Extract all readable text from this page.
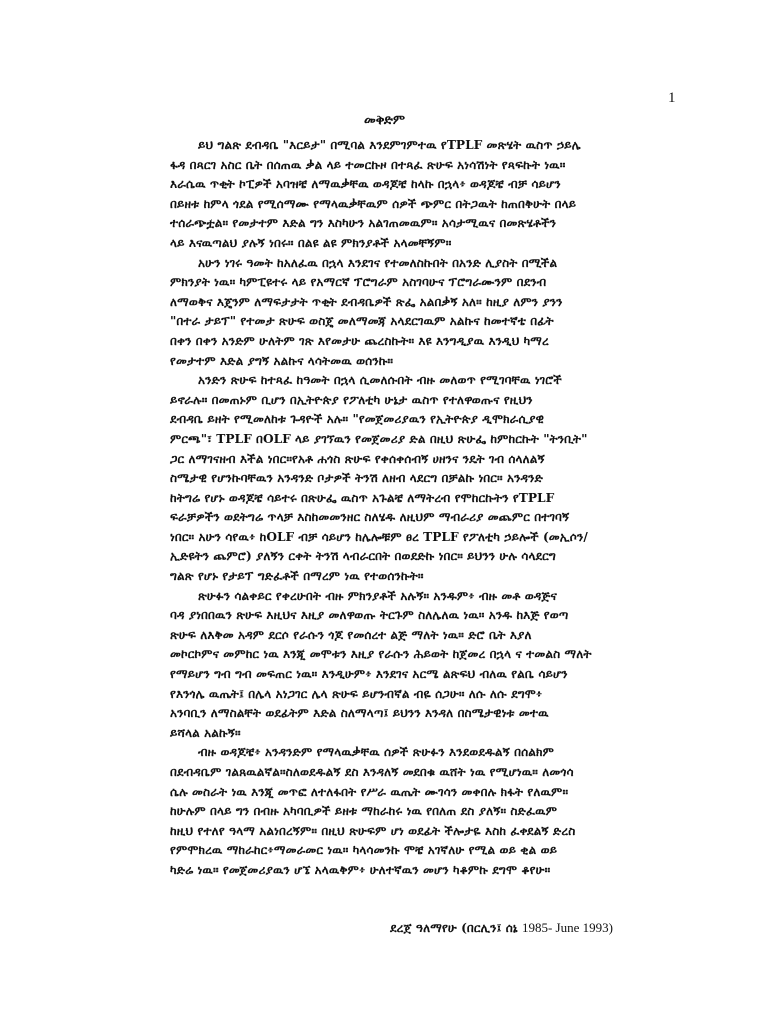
1
መቅድም
ይህ ግልጽ ደብዳቤ "እርይታ" በሚባል እንደምገምተዉ የTPLF መጽሄት ዉስጥ ኃይሌ
ፋዳ በጻርገ አስር ቤት በሰጠዉ ቃል ላይ ተመርኩዞ በተጻፈ ጽሁፍ አነሳሽነት የጻፍኩት ነዉ።
እራሴዉ ጥቂት ኮፒዎች አባዝቼ ለማዉቃቸዉ ወዳጆቼ ከላኩ በኋላ፥ ወዳጆቼ ብቻ ሳይሆን
በይዘቱ ከምላ ጎደል የሚሰማሙ የማላዉቃቸዉም ሰዎች ጭምር በትጋዉት ከጠበቅሁት በላይ
ተሰራጭቷል። የመታተም እድል ግን እስካሁን አልገጠመዉም። አሳታሚዉና በመጽሄቶችን
ላይ እናዉጣልህ ያሉኝ ነበሩ። በልዩ ልዩ ምክንያቶች አላመቸኝም።
አሁን ነገሩ ዓመት ከአለፈዉ በኋላ እንደገና የተመለስኩበት በአንድ ሊያስት በሚችል
ምክንያት ነዉ። ካምፒዩተሩ ላይ የአማርኛ ፕሮግራም አስገባሁና ፕሮግራሙንም በደንብ
ለማወቅና እጄንም ለማፍታታት ጥቂት ደብዳቤዎች ጽፌ አልበቃኝ አለ። ከዚያ ለምን ያንን
"በተራ ታይፕ" የተመታ ጽሁፍ ወስጄ መለማመጃ አላደርገዉም አልኩና ከመተኛቴ በፊት
በቀን በቀን አንድም ሁለትም ገጽ እየመታሁ ጨረስኩት። እዩ እንግዲያዉ እንዲህ ካማረ
የመታተም እድል ያግኝ አልኩና ላሳትመዉ ወሰንኩ።
አንድን ጽሁፍ ከተጻፈ ከዓመት በኋላ ሲመለሱበት ብዙ መለወጥ የሚገባቸዉ ነገሮች
ይኖራሉ። በመጠኑም ቢሆን በኢትዮጵያ የፖለቲካ ሁኔታ ዉስጥ የተለዋወጡና የዚህን
ደብዳቤ ይዘት የሚመለከቱ ጉዳዮች አሉ። "የመጀመሪያዉን የኢትዮጵያ ዲሞክራሲያዊ
ምርጫ"፣ TPLF በOLF ላይ ያገኘዉን የመጀመሪያ ድል በዚህ ጽሁፌ ከምከርኩት "ትንቢት"
ጋር ለማገናዘብ እችል ነበር።የአቶ ሐጎስ ጽሁፍ የቀሰቀሰብኝ ሀዘንና ንዴት ገብ ሰላለልኝ
ስሜታዊ የሆንኩባቸዉን አንዳንድ ቦታዎች ትንሽ ለዘብ ላደርግ በቻልኩ ነበር። አንዳንድ
ከትግሬ የሆኑ ወዳጆቼ ሳይተሩ በጽሁፌ ዉስጥ አጉልቼ ለማትረብ የሞከርኩትን የTPLF
ፍራቻዎችን ወደትግሬ ጥላቻ እስከመመንዘር ስለሄዱ ለዚህም ማብራሪያ መጨምር በተገባኝ
ነበር። አሁን ሳየዉ፥ ከOLF ብቻ ሳይሆን ከሌሎቹም ፀረ TPLF የፖለቲካ ኃይሎች (መኢሶን/
ኢድዩትን ጨምሮ) ያለኝን ርቀት ትንሽ ላብራርበት በወደድኩ ነበር። ይህንን ሁሉ ሳላደርግ
ግልጽ የሆኑ የታይፕ ግድፈቶች በማረም ነዉ የተወሰንኩት።
ጽሁፉን ሳልቀይር የቀረሁበት ብዙ ምክንያቶች አሉኝ። አንዱም፥ ብዙ መቶ ወዳጅና
ባዳ ያነበበዉን ጽሁፍ እዚህና እዚያ መለዋወጡ ትርጉም ስለሌለዉ ነዉ። አንዱ ከእጅ የወጣ
ጽሁፍ ለእቅመ አዳም ደርሶ የራሱን ጎጆ የመሰረተ ልጅ ማለት ነዉ። ድሮ ቤት እያለ
መኮርኮምና መምከር ነዉ እንጂ መሞቱን እዚያ የራሱን ሕይወት ከጀመረ በኋላ ና ተመልስ ማለት
የማይሆን ግብ ግብ መፍጠር ነዉ። እንዲሁም፥ እንደገና አርሜ ልጽፍህ ብለዉ የልቤ ሳይሆን
የእንጎሌ ዉጤት፤ በሌላ አነጋገር ሌላ ጽሁፍ ይሆንብኛል ብዬ ሰጋሁ። ለሱ ለሱ ደግሞ፥
አንባቢን ለማስልቸት ወደፊትም እድል ስለማላጣ፤ ይህንን እንዳለ በስሜታዊነቱ መተዉ
ይሻላል አልኩኝ።
ብዙ ወዳጆቼ፥ አንዳንድም የማላዉቃቸዉ ሰዎች ጽሁፉን እንደወደዱልኝ በሰልክም
በደብዳቤም ገልጸዉልኛል።ስለወደዱልኝ ደስ እንዳለኝ መደበቁ ዉሸት ነዉ የሚሆነዉ። ለመጎሳ
ሴሉ መስራት ነዉ እንጂ መጥፎ ለተለፋበት የሥራ ዉጤት ሙገሳን መቀበሉ ክፋት የለዉም።
ከሁሉም በላይ ግን በብዙ አካባቢዎች ይዘቱ ማከራከሩ ነዉ የበለጠ ደስ ያለኝ። ስድፈዉም
ከዚህ የተለየ ዓላማ አልነበረኝም። በዚህ ጽሁፍም ሆነ ወደፊት ችሎታዬ እስከ ፈቀደልኝ ድረስ
የምሞክረዉ ማከራከር፥ማመራመር ነዉ። ካላሳመንኩ ሞቼ አገኛለሁ የሚል ወይ ቂል ወይ
ካድሬ ነዉ። የመጀመሪያዉን ሆኜ አላዉቅም፥ ሁለተኛዉን መሆን ካቆምኩ ደግሞ ቆየሁ።
ደረጀ ዓለማየሁ (በርሊን፤ ሰኔ 1985- June 1993)
